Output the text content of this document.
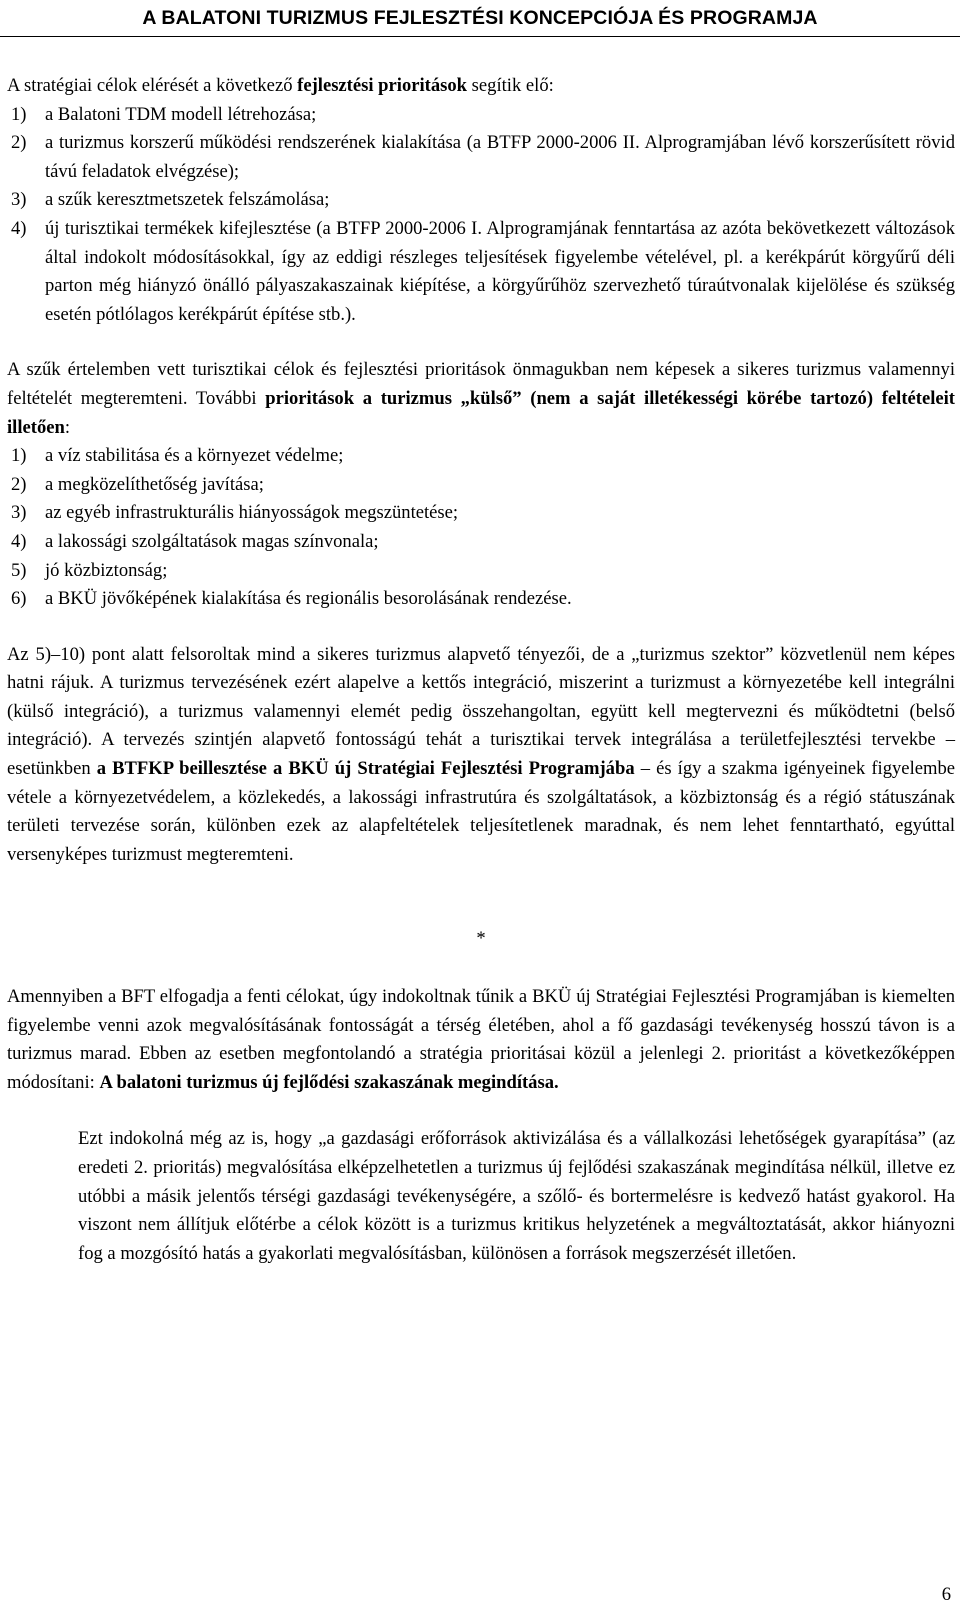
A BALATONI TURIZMUS FEJLESZTÉSI KONCEPCIÓJA ÉS PROGRAMJA

A stratégiai célok elérését a következő fejlesztési prioritások segítik elő:

1) a Balatoni TDM modell létrehozása;
2) a turizmus korszerű működési rendszerének kialakítása (a BTFP 2000-2006 II. Alprogramjában lévő korszerűsített rövid távú feladatok elvégzése);
3) a szűk keresztmetszetek felszámolása;
4) új turisztikai termékek kifejlesztése (a BTFP 2000-2006 I. Alprogramjának fenntartása az azóta bekövetkezett változások által indokolt módosításokkal, így az eddigi részleges teljesítések figyelembe vételével, pl. a kerékpárút körgyűrű déli parton még hiányzó önálló pályaszakaszainak kiépítése, a körgyűrűhöz szervezhető túraútvonalak kijelölése és szükség esetén pótlólagos kerékpárút építése stb.).

A szűk értelemben vett turisztikai célok és fejlesztési prioritások önmagukban nem képesek a sikeres turizmus valamennyi feltételét megteremteni. További prioritások a turizmus „külső” (nem a saját illetékességi körébe tartozó) feltételeit illetően:

1) a víz stabilitása és a környezet védelme;
2) a megközelíthetőség javítása;
3) az egyéb infrastrukturális hiányosságok megszüntetése;
4) a lakossági szolgáltatások magas színvonala;
5) jó közbiztonság;
6) a BKÜ jövőképének kialakítása és regionális besorolásának rendezése.

Az 5)–10) pont alatt felsoroltak mind a sikeres turizmus alapvető tényezői, de a „turizmus szektor” közvetlenül nem képes hatni rájuk. A turizmus tervezésének ezért alapelve a kettős integráció, miszerint a turizmust a környezetébe kell integrálni (külső integráció), a turizmus valamennyi elemét pedig összehangoltan, együtt kell megtervezni és működtetni (belső integráció). A tervezés szintjén alapvető fontosságú tehát a turisztikai tervek integrálása a területfejlesztési tervekbe – esetünkben a BTFKP beillesztése a BKÜ új Stratégiai Fejlesztési Programjába – és így a szakma igényeinek figyelembe vétele a környezetvédelem, a közlekedés, a lakossági infrastrutúra és szolgáltatások, a közbiztonság és a régió státuszának területi tervezése során, különben ezek az alapfeltételek teljesítetlenek maradnak, és nem lehet fenntartható, egyúttal versenyképes turizmust megteremteni.

*

Amennyiben a BFT elfogadja a fenti célokat, úgy indokoltnak tűnik a BKÜ új Stratégiai Fejlesztési Programjában is kiemelten figyelembe venni azok megvalósításának fontosságát a térség életében, ahol a fő gazdasági tevékenység hosszú távon is a turizmus marad. Ebben az esetben megfontolandó a stratégia prioritásai közül a jelenlegi 2. prioritást a következőképpen módosítani: A balatoni turizmus új fejlődési szakaszának megindítása.

Ezt indokolná még az is, hogy „a gazdasági erőforrások aktivizálása és a vállalkozási lehetőségek gyarapítása” (az eredeti 2. prioritás) megvalósítása elképzelhetetlen a turizmus új fejlődési szakaszának megindítása nélkül, illetve ez utóbbi a másik jelentős térségi gazdasági tevékenységére, a szőlő- és bortermelésre is kedvező hatást gyakorol. Ha viszont nem állítjuk előtérbe a célok között is a turizmus kritikus helyzetének a megváltoztatását, akkor hiányozni fog a mozgósító hatás a gyakorlati megvalósításban, különösen a források megszerzését illetően.

6
